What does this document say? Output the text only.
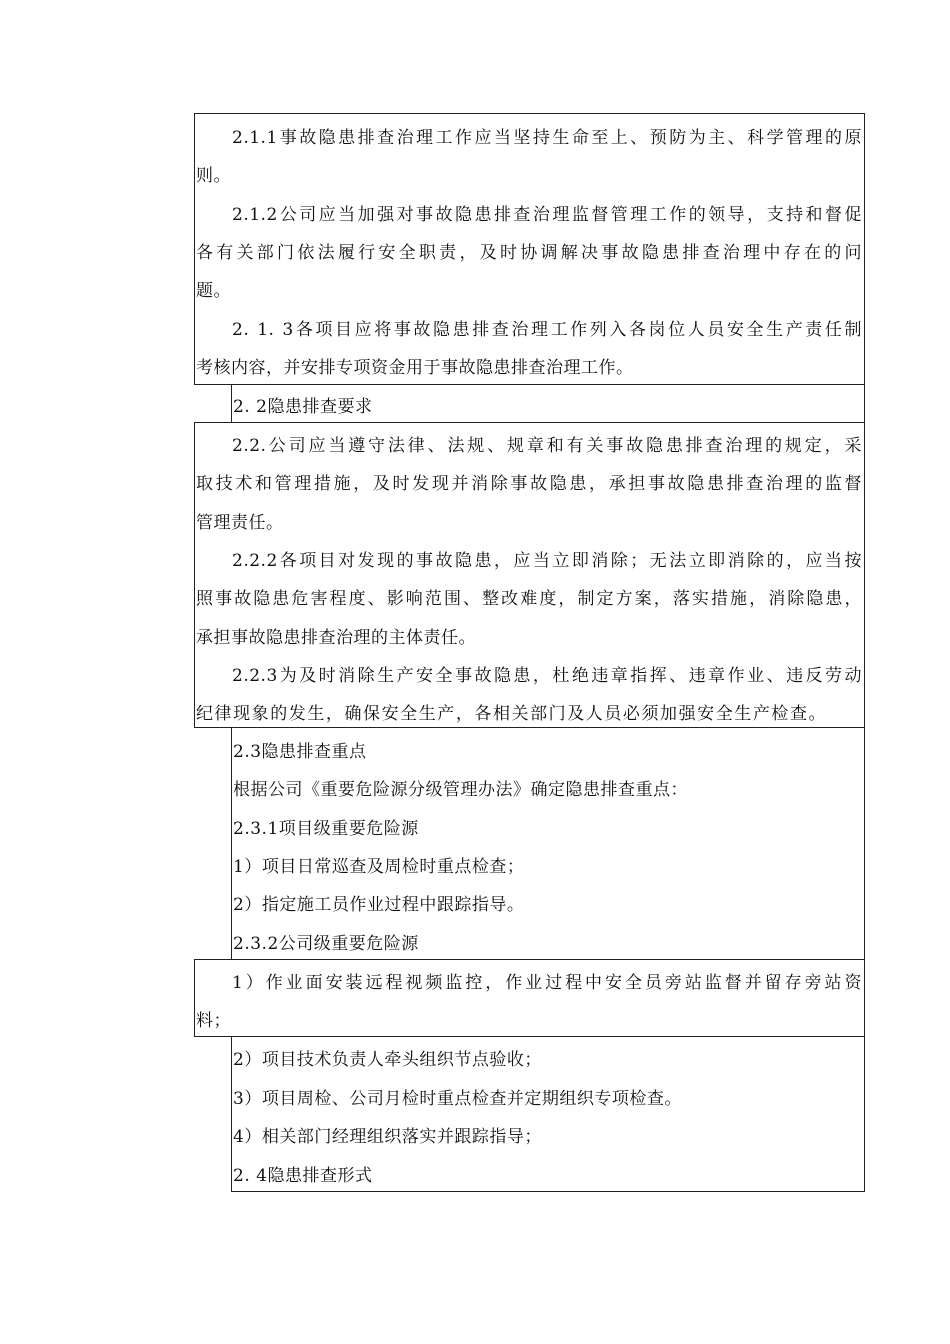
2.1.1事故隐患排查治理工作应当坚持生命至上、预防为主、科学管理的原
则。
2.1.2公司应当加强对事故隐患排查治理监督管理工作的领导，支持和督促
各有关部门依法履行安全职责，及时协调解决事故隐患排查治理中存在的问
题。
2. 1. 3各项目应将事故隐患排查治理工作列入各岗位人员安全生产责任制
考核内容，并安排专项资金用于事故隐患排查治理工作。
2. 2隐患排查要求
2.2.公司应当遵守法律、法规、规章和有关事故隐患排查治理的规定，采
取技术和管理措施，及时发现并消除事故隐患，承担事故隐患排查治理的监督
管理责任。
2.2.2各项目对发现的事故隐患，应当立即消除；无法立即消除的，应当按
照事故隐患危害程度、影响范围、整改难度，制定方案，落实措施，消除隐患，
承担事故隐患排查治理的主体责任。
2.2.3为及时消除生产安全事故隐患，杜绝违章指挥、违章作业、违反劳动
纪律现象的发生，确保安全生产，各相关部门及人员必须加强安全生产检查。
2.3隐患排查重点
根据公司《重要危险源分级管理办法》确定隐患排查重点：
2.3.1项目级重要危险源
1）项目日常巡查及周检时重点检查；
2）指定施工员作业过程中跟踪指导。
2.3.2公司级重要危险源
1）作业面安装远程视频监控，作业过程中安全员旁站监督并留存旁站资
料；
2）项目技术负责人牵头组织节点验收；
3）项目周检、公司月检时重点检查并定期组织专项检查。
4）相关部门经理组织落实并跟踪指导；
2. 4隐患排查形式
